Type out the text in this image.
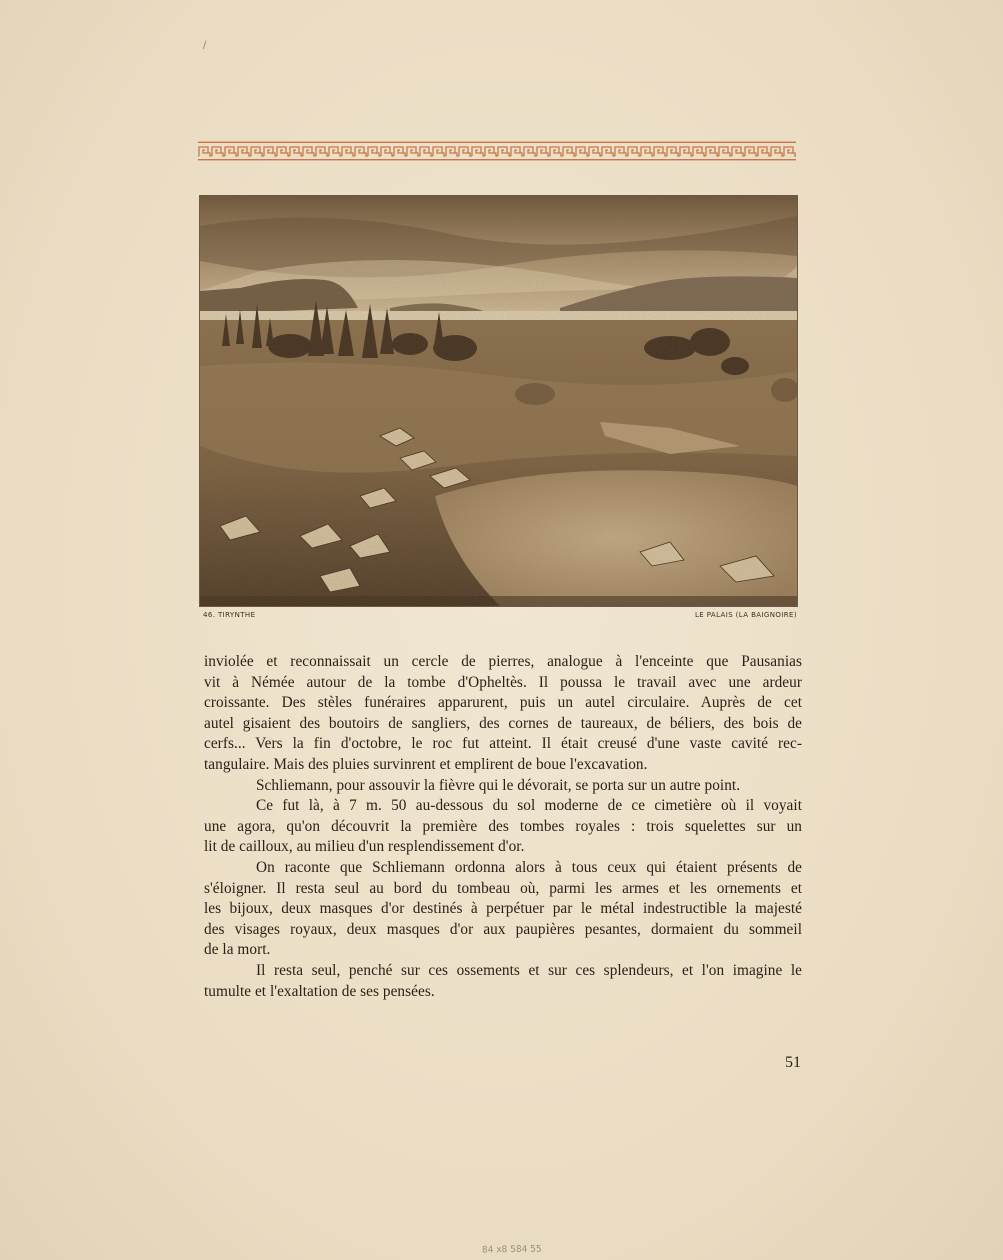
/
46. TIRYNTHE	LE PALAIS (LA BAIGNOIRE)
inviolée et reconnaissait un cercle de pierres, analogue à l'enceinte que Pausanias
vit à Némée autour de la tombe d'Opheltès. Il poussa le travail avec une ardeur
croissante. Des stèles funéraires apparurent, puis un autel circulaire. Auprès de cet
autel gisaient des boutoirs de sangliers, des cornes de taureaux, de béliers, des bois de
cerfs... Vers la fin d'octobre, le roc fut atteint. Il était creusé d'une vaste cavité rec-
tangulaire. Mais des pluies survinrent et emplirent de boue l'excavation.
Schliemann, pour assouvir la fièvre qui le dévorait, se porta sur un autre point.
Ce fut là, à 7 m. 50 au-dessous du sol moderne de ce cimetière où il voyait
une agora, qu'on découvrit la première des tombes royales : trois squelettes sur un
lit de cailloux, au milieu d'un resplendissement d'or.
On raconte que Schliemann ordonna alors à tous ceux qui étaient présents de
s'éloigner. Il resta seul au bord du tombeau où, parmi les armes et les ornements et
les bijoux, deux masques d'or destinés à perpétuer par le métal indestructible la majesté
des visages royaux, deux masques d'or aux paupières pesantes, dormaient du sommeil
de la mort.
Il resta seul, penché sur ces ossements et sur ces splendeurs, et l'on imagine le
tumulte et l'exaltation de ses pensées.
51
84 x8 584 55
